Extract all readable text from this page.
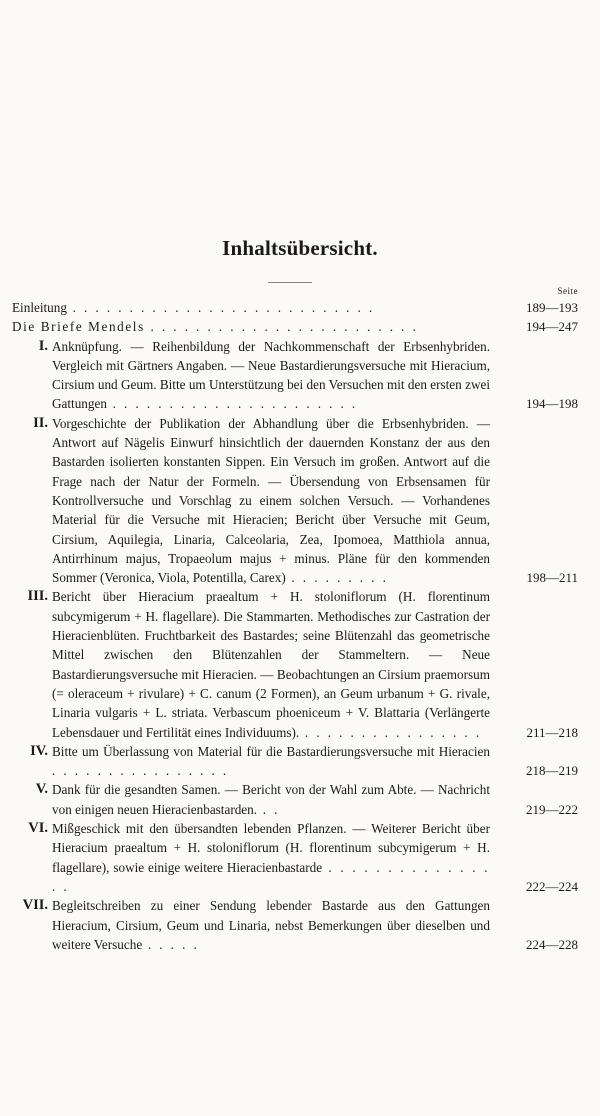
Inhaltsübersicht.
Seite
Einleitung . . . . . . . . . . . . . . . . . . . . . . . . . . .	189—193
Die Briefe Mendels . . . . . . . . . . . . . . . . . . . . . . . .	194—247
I. Anknüpfung. — Reihenbildung der Nachkommenschaft der Erbsenhybriden. Vergleich mit Gärtners Angaben. — Neue Bastardierungsversuche mit Hieracium, Cirsium und Geum. Bitte um Unterstützung bei den Versuchen mit den ersten zwei Gattungen . . . . . . . . . . . . . . . . . . . . . .	194—198
II. Vorgeschichte der Publikation der Abhandlung über die Erbsenhybriden. — Antwort auf Nägelis Einwurf hinsichtlich der dauernden Konstanz der aus den Bastarden isolierten konstanten Sippen. Ein Versuch im großen. Antwort auf die Frage nach der Natur der Formeln. — Übersendung von Erbsensamen für Kontrollversuche und Vorschlag zu einem solchen Versuch. — Vorhandenes Material für die Versuche mit Hieracien; Bericht über Versuche mit Geum, Cirsium, Aquilegia, Linaria, Calceolaria, Zea, Ipomoea, Matthiola annua, Antirrhinum majus, Tropaeolum majus + minus. Pläne für den kommenden Sommer (Veronica, Viola, Potentilla, Carex) . . . . . . . . .	198—211
III. Bericht über Hieracium praealtum + H. stoloniflorum (H. florentinum subcymigerum + H. flagellare). Die Stammarten. Methodisches zur Castration der Hieracienblüten. Fruchtbarkeit des Bastardes; seine Blütenzahl das geometrische Mittel zwischen den Blütenzahlen der Stammeltern. — Neue Bastardierungsversuche mit Hieracien. — Beobachtungen an Cirsium praemorsum (= oleraceum + rivulare) + C. canum (2 Formen), an Geum urbanum + G. rivale, Linaria vulgaris + L. striata. Verbascum phoeniceum + V. Blattaria (Verlängerte Lebensdauer und Fertilität eines Individuums). . . . . . . . . . . . . . . . .	211—218
IV. Bitte um Überlassung von Material für die Bastardierungsversuche mit Hieracien . . . . . . . . . . . . . . . .	218—219
V. Dank für die gesandten Samen. — Bericht von der Wahl zum Abte. — Nachricht von einigen neuen Hieracienbastarden. . .	219—222
VI. Mißgeschick mit den übersandten lebenden Pflanzen. — Weiterer Bericht über Hieracium praealtum + H. stoloniflorum (H. florentinum subcymigerum + H. flagellare), sowie einige weitere Hieracienbastarde . . . . . . . . . . . . . . . .	222—224
VII. Begleitschreiben zu einer Sendung lebender Bastarde aus den Gattungen Hieracium, Cirsium, Geum und Linaria, nebst Bemerkungen über dieselben und weitere Versuche . . . . .	224—228
